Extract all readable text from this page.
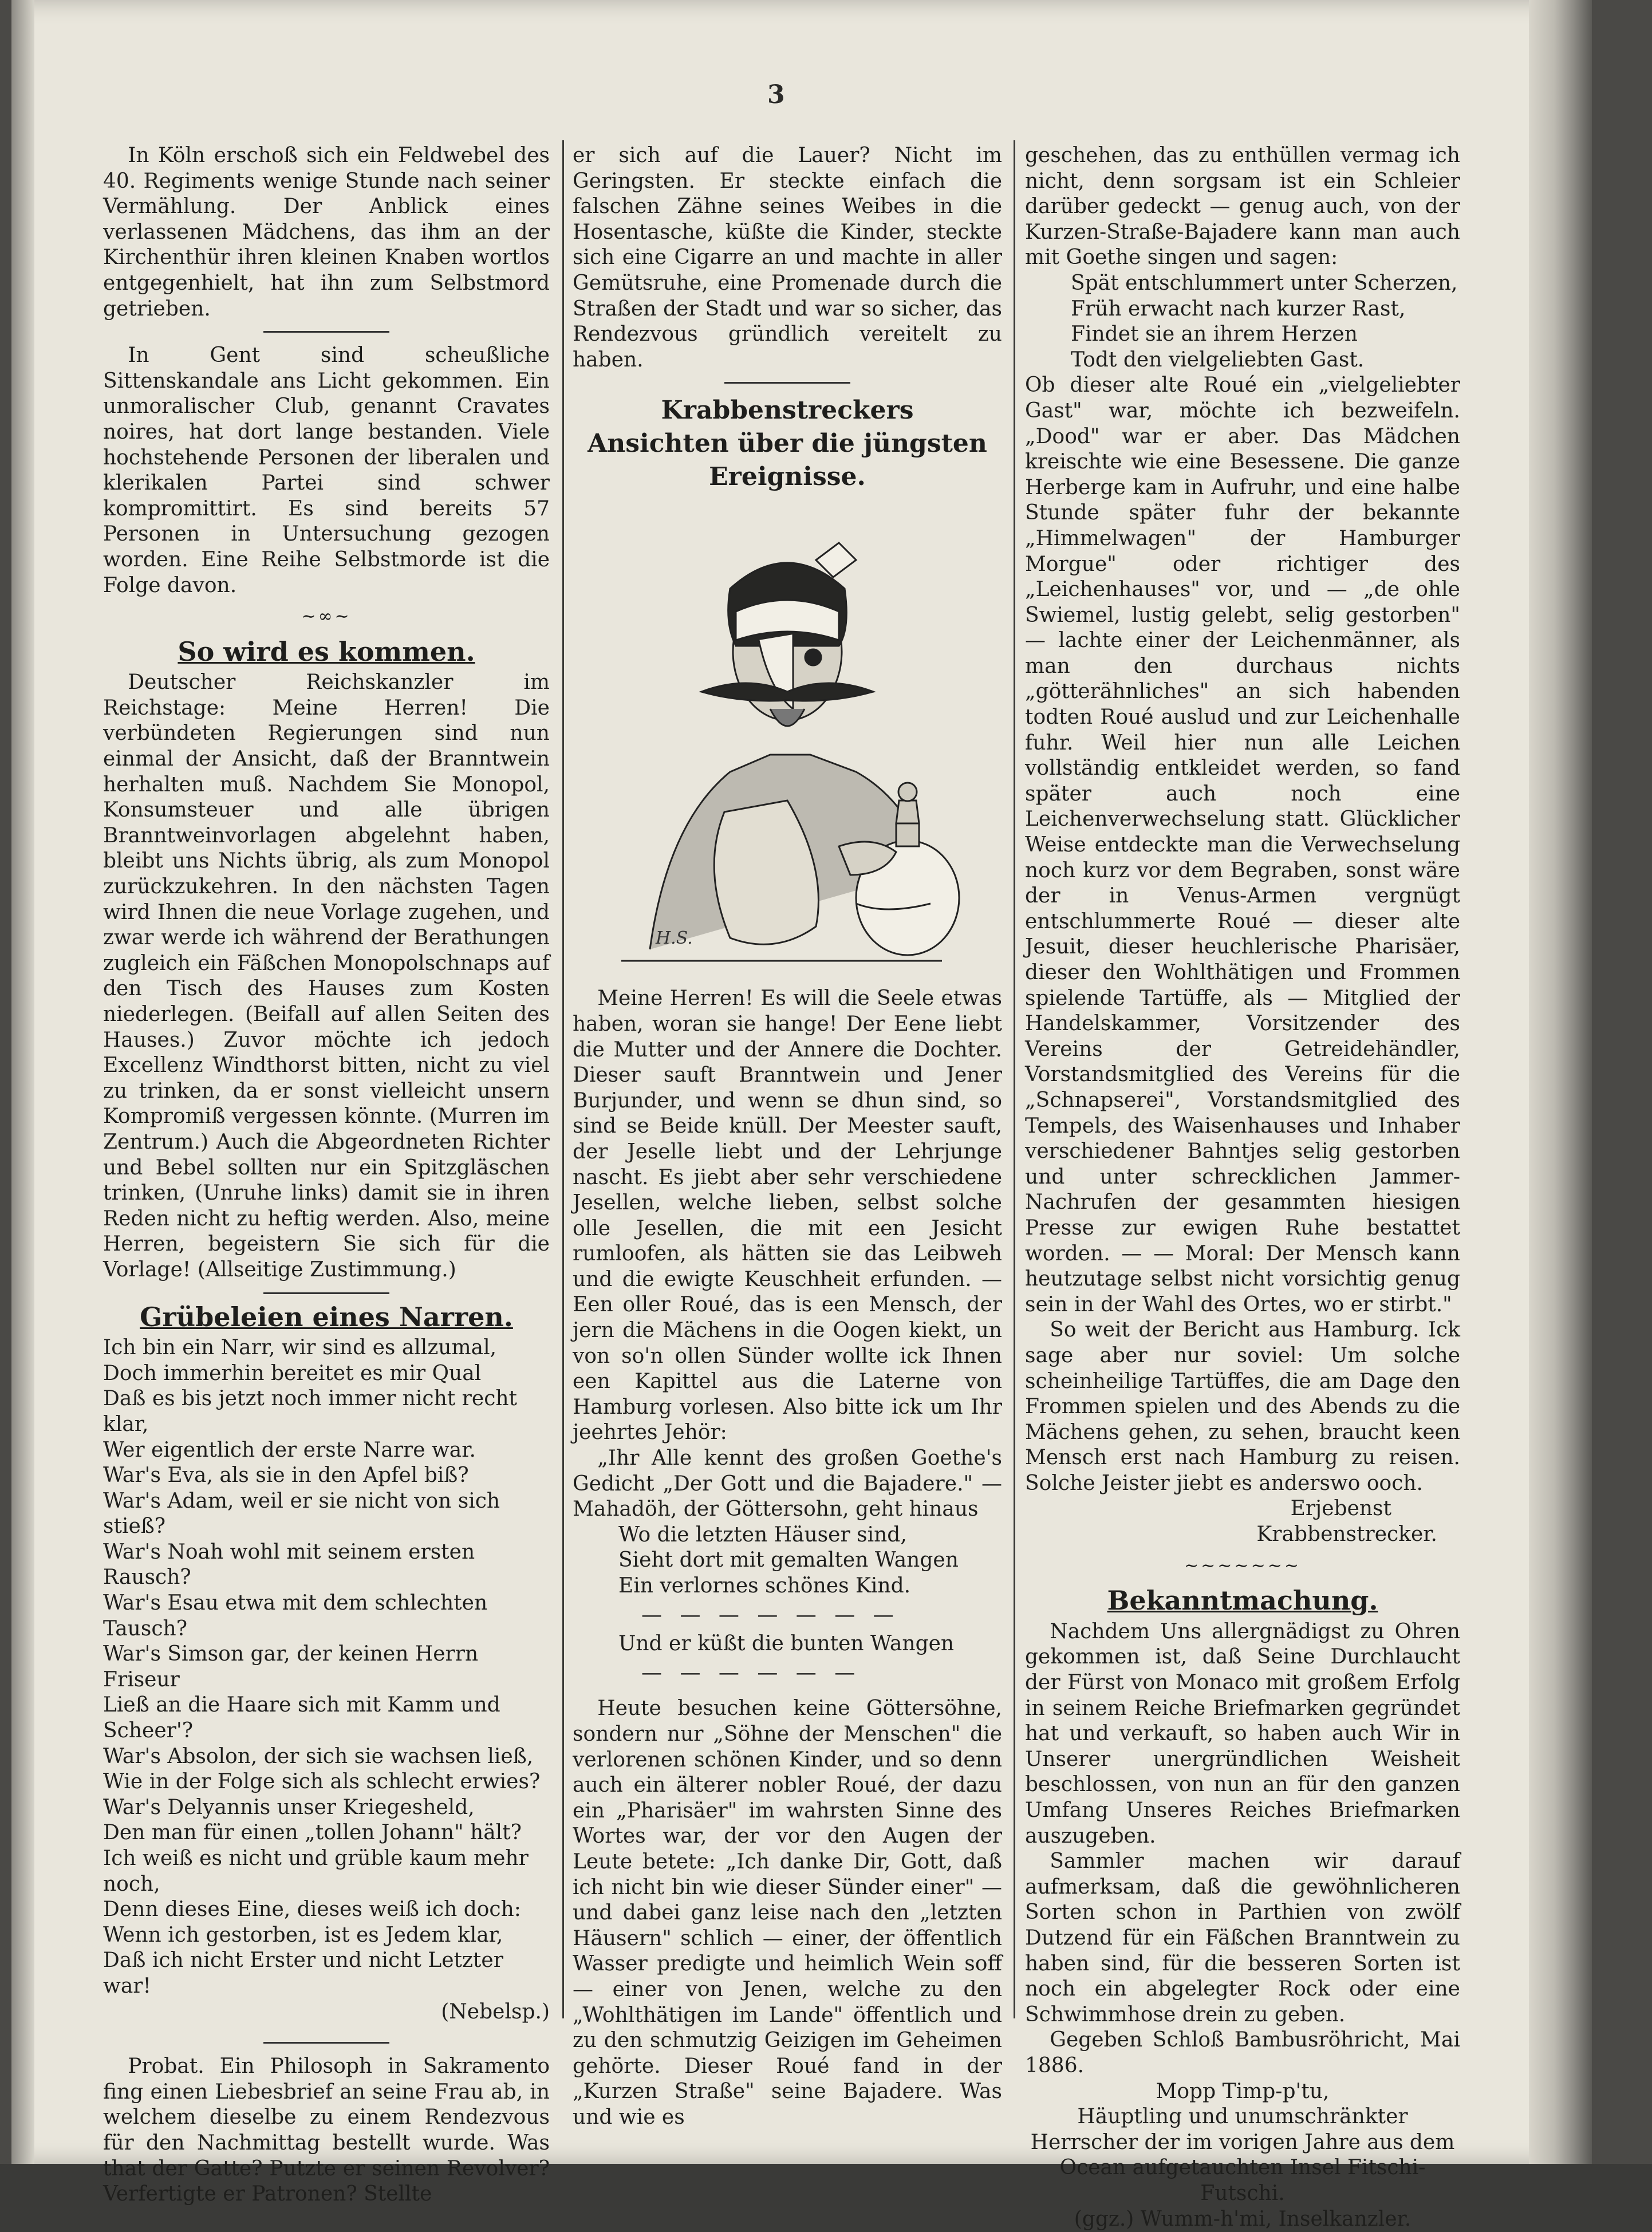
3

In Köln erschoß sich ein Feldwebel des 40. Regiments wenige Stunde nach seiner Vermählung. Der Anblick eines verlassenen Mädchens, das ihm an der Kirchenthür ihren kleinen Knaben wortlos entgegenhielt, hat ihn zum Selbstmord getrieben.

In Gent sind scheußliche Sittenskandale ans Licht gekommen. Ein unmoralischer Club, genannt Cravates noires, hat dort lange bestanden. Viele hochstehende Personen der liberalen und klerikalen Partei sind schwer kompromittirt. Es sind bereits 57 Personen in Untersuchung gezogen worden. Eine Reihe Selbstmorde ist die Folge davon.

∼∞∼
So wird es kommen.

Deutscher Reichskanzler im Reichstage: Meine Herren! Die verbündeten Regierungen sind nun einmal der Ansicht, daß der Branntwein herhalten muß. Nachdem Sie Monopol, Konsumsteuer und alle übrigen Branntweinvorlagen abgelehnt haben, bleibt uns Nichts übrig, als zum Monopol zurückzukehren. In den nächsten Tagen wird Ihnen die neue Vorlage zugehen, und zwar werde ich während der Berathungen zugleich ein Fäßchen Monopolschnaps auf den Tisch des Hauses zum Kosten niederlegen. (Beifall auf allen Seiten des Hauses.) Zuvor möchte ich jedoch Excellenz Windthorst bitten, nicht zu viel zu trinken, da er sonst vielleicht unsern Kompromiß vergessen könnte. (Murren im Zentrum.) Auch die Abgeordneten Richter und Bebel sollten nur ein Spitzgläschen trinken, (Unruhe links) damit sie in ihren Reden nicht zu heftig werden. Also, meine Herren, begeistern Sie sich für die Vorlage! (Allseitige Zustimmung.)

Grübeleien eines Narren.
Ich bin ein Narr, wir sind es allzumal,
Doch immerhin bereitet es mir Qual
Daß es bis jetzt noch immer nicht recht klar,
Wer eigentlich der erste Narre war.
War's Eva, als sie in den Apfel biß?
War's Adam, weil er sie nicht von sich stieß?
War's Noah wohl mit seinem ersten Rausch?
War's Esau etwa mit dem schlechten Tausch?
War's Simson gar, der keinen Herrn Friseur
Ließ an die Haare sich mit Kamm und Scheer'?
War's Absolon, der sich sie wachsen ließ,
Wie in der Folge sich als schlecht erwies?
War's Delyannis unser Kriegesheld,
Den man für einen „tollen Johann" hält?
Ich weiß es nicht und grüble kaum mehr noch,
Denn dieses Eine, dieses weiß ich doch:
Wenn ich gestorben, ist es Jedem klar,
Daß ich nicht Erster und nicht Letzter war!
(Nebelsp.)

Probat. Ein Philosoph in Sakramento fing einen Liebesbrief an seine Frau ab, in welchem dieselbe zu einem Rendezvous für den Nachmittag bestellt wurde. Was that der Gatte? Putzte er seinen Revolver? Verfertigte er Patronen? Stellte

er sich auf die Lauer? Nicht im Geringsten. Er steckte einfach die falschen Zähne seines Weibes in die Hosentasche, küßte die Kinder, steckte sich eine Cigarre an und machte in aller Gemütsruhe, eine Promenade durch die Straßen der Stadt und war so sicher, das Rendezvous gründlich vereitelt zu haben.

Krabbenstreckers
Ansichten über die jüngsten Ereignisse.
H.S.

Meine Herren! Es will die Seele etwas haben, woran sie hange! Der Eene liebt die Mutter und der Annere die Dochter. Dieser sauft Branntwein und Jener Burjunder, und wenn se dhun sind, so sind se Beide knüll. Der Meester sauft, der Jeselle liebt und der Lehrjunge nascht. Es jiebt aber sehr verschiedene Jesellen, welche lieben, selbst solche olle Jesellen, die mit een Jesicht rumloofen, als hätten sie das Leibweh und die ewigte Keuschheit erfunden. — Een oller Roué, das is een Mensch, der jern die Mächens in die Oogen kiekt, un von so'n ollen Sünder wollte ick Ihnen een Kapittel aus die Laterne von Hamburg vorlesen. Also bitte ick um Ihr jeehrtes Jehör:

„Ihr Alle kennt des großen Goethe's Gedicht „Der Gott und die Bajadere." — Mahadöh, der Göttersohn, geht hinaus

Wo die letzten Häuser sind,
Sieht dort mit gemalten Wangen
Ein verlornes schönes Kind.
— — — — — — —
Und er küßt die bunten Wangen
— — — — — —

Heute besuchen keine Göttersöhne, sondern nur „Söhne der Menschen" die verlorenen schönen Kinder, und so denn auch ein älterer nobler Roué, der dazu ein „Pharisäer" im wahrsten Sinne des Wortes war, der vor den Augen der Leute betete: „Ich danke Dir, Gott, daß ich nicht bin wie dieser Sünder einer" — und dabei ganz leise nach den „letzten Häusern" schlich — einer, der öffentlich Wasser predigte und heimlich Wein soff — einer von Jenen, welche zu den „Wohlthätigen im Lande" öffentlich und zu den schmutzig Geizigen im Geheimen gehörte. Dieser Roué fand in der „Kurzen Straße" seine Bajadere. Was und wie es

geschehen, das zu enthüllen vermag ich nicht, denn sorgsam ist ein Schleier darüber gedeckt — genug auch, von der Kurzen-Straße-Bajadere kann man auch mit Goethe singen und sagen:

Spät entschlummert unter Scherzen,
Früh erwacht nach kurzer Rast,
Findet sie an ihrem Herzen
Todt den vielgeliebten Gast.

Ob dieser alte Roué ein „vielgeliebter Gast" war, möchte ich bezweifeln. „Dood" war er aber. Das Mädchen kreischte wie eine Besessene. Die ganze Herberge kam in Aufruhr, und eine halbe Stunde später fuhr der bekannte „Himmelwagen" der Hamburger Morgue" oder richtiger des „Leichenhauses" vor, und — „de ohle Swiemel, lustig gelebt, selig gestorben" — lachte einer der Leichenmänner, als man den durchaus nichts „götterähnliches" an sich habenden todten Roué auslud und zur Leichenhalle fuhr. Weil hier nun alle Leichen vollständig entkleidet werden, so fand später auch noch eine Leichenverwechselung statt. Glücklicher Weise entdeckte man die Verwechselung noch kurz vor dem Begraben, sonst wäre der in Venus-Armen vergnügt entschlummerte Roué — dieser alte Jesuit, dieser heuchlerische Pharisäer, dieser den Wohlthätigen und Frommen spielende Tartüffe, als — Mitglied der Handelskammer, Vorsitzender des Vereins der Getreidehändler, Vorstandsmitglied des Vereins für die „Schnapserei", Vorstandsmitglied des Tempels, des Waisenhauses und Inhaber verschiedener Bahntjes selig gestorben und unter schrecklichen Jammer-Nachrufen der gesammten hiesigen Presse zur ewigen Ruhe bestattet worden. — — Moral: Der Mensch kann heutzutage selbst nicht vorsichtig genug sein in der Wahl des Ortes, wo er stirbt."

So weit der Bericht aus Hamburg. Ick sage aber nur soviel: Um solche scheinheilige Tartüffes, die am Dage den Frommen spielen und des Abends zu die Mächens gehen, zu sehen, braucht keen Mensch erst nach Hamburg zu reisen. Solche Jeister jiebt es anderswo ooch.

Erjebenst
Krabbenstrecker.
∼∼∼∼∼∼∼
Bekanntmachung.

Nachdem Uns allergnädigst zu Ohren gekommen ist, daß Seine Durchlaucht der Fürst von Monaco mit großem Erfolg in seinem Reiche Briefmarken gegründet hat und verkauft, so haben auch Wir in Unserer unergründlichen Weisheit beschlossen, von nun an für den ganzen Umfang Unseres Reiches Briefmarken auszugeben.

Sammler machen wir darauf aufmerksam, daß die gewöhnlicheren Sorten schon in Parthien von zwölf Dutzend für ein Fäßchen Branntwein zu haben sind, für die besseren Sorten ist noch ein abgelegter Rock oder eine Schwimmhose drein zu geben.

Gegeben Schloß Bambusröhricht, Mai 1886.

Mopp Timp-p'tu,

Häuptling und unumschränkter Herrscher der im vorigen Jahre aus dem Ocean aufgetauchten Insel Fitschi-Futschi.

(ggz.) Wumm-h'mi, Inselkanzler.
